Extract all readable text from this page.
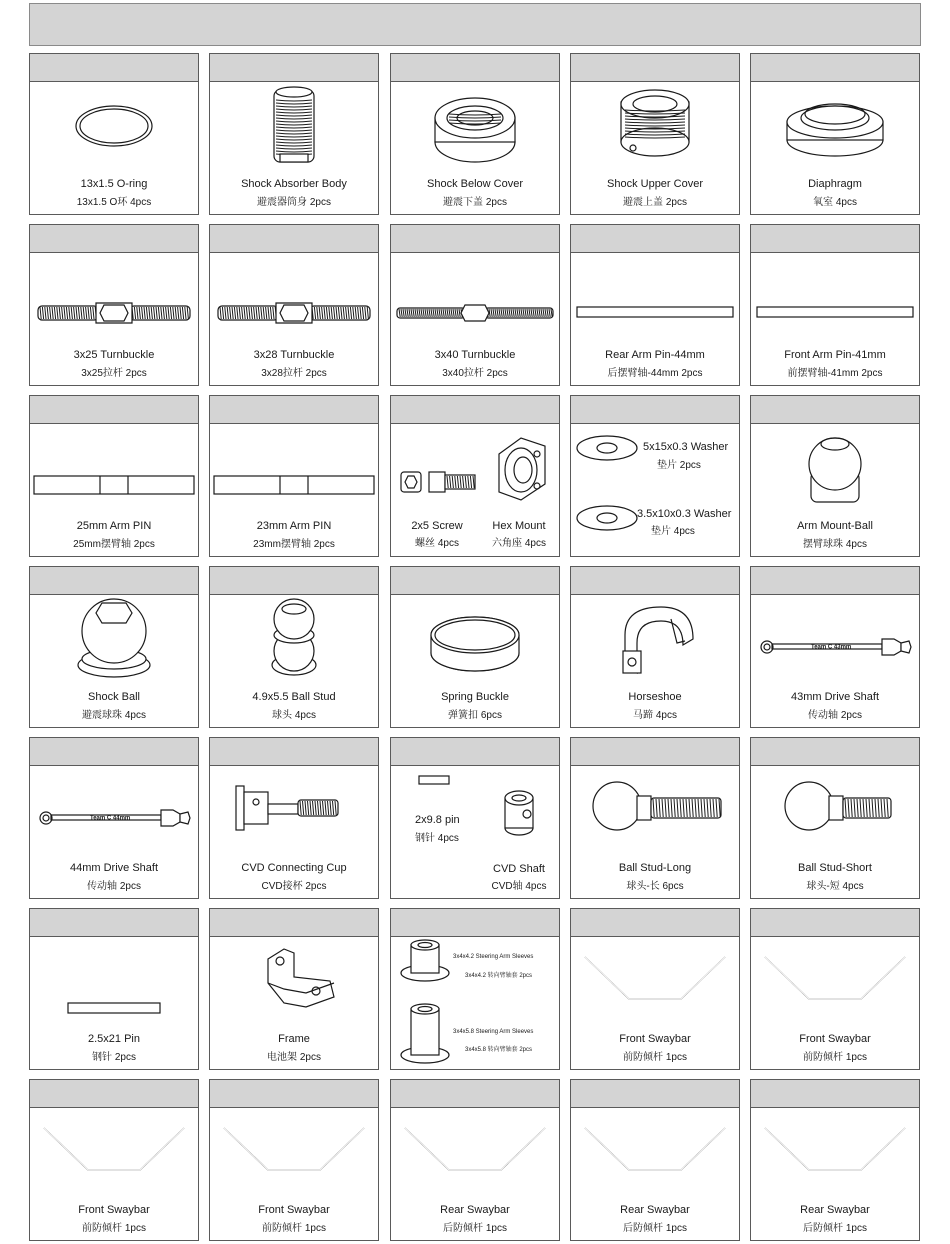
13x1.5 O-ring
13x1.5 O环 4pcs
Shock Absorber Body
避震器筒身 2pcs
Shock Below Cover
避震下盖 2pcs
Shock Upper Cover
避震上盖 2pcs
Diaphragm
氧室 4pcs
3x25 Turnbuckle
3x25拉杆 2pcs
3x28 Turnbuckle
3x28拉杆 2pcs
3x40 Turnbuckle
3x40拉杆 2pcs
Rear Arm Pin-44mm
后摆臂轴-44mm 2pcs
Front Arm Pin-41mm
前摆臂轴-41mm 2pcs
25mm Arm PIN
25mm摆臂轴 2pcs
23mm Arm PIN
23mm摆臂轴 2pcs
2x5 Screw
螺丝 4pcs
Hex Mount
六角座 4pcs
5x15x0.3 Washer
垫片 2pcs
3.5x10x0.3 Washer
垫片 4pcs	Arm Mount-Ball
摆臂球珠 4pcs
Shock Ball
避震球珠 4pcs
4.9x5.5 Ball Stud
球头 4pcs
Spring Buckle
弹簧扣 6pcs
Horseshoe
马蹄 4pcs
Team C 43mm
43mm Drive Shaft
传动轴 2pcs
Team C 44mm
44mm Drive Shaft
传动轴 2pcs
CVD Connecting Cup
CVD接杯 2pcs
2x9.8 pin
钢针 4pcs
CVD Shaft
CVD轴 4pcs
Ball Stud-Long
球头-长 6pcs
Ball Stud-Short
球头-短 4pcs
2.5x21 Pin
钢针 2pcs
Frame
电池架 2pcs
3x4x4.2 Steering Arm Sleeves
3x4x4.2 转向臂轴套 2pcs
3x4x5.8 Steering Arm Sleeves
3x4x5.8 转向臂轴套 2pcs
Front Swaybar
前防倾杆 1pcs
Front Swaybar
前防倾杆 1pcs
Front Swaybar
前防倾杆 1pcs
Front Swaybar
前防倾杆 1pcs
Rear Swaybar
后防倾杆 1pcs
Rear Swaybar
后防倾杆 1pcs
Rear Swaybar
后防倾杆 1pcs
